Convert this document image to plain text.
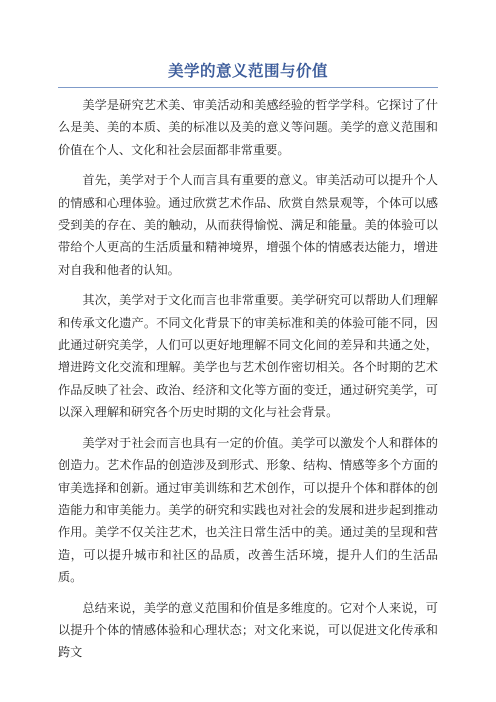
美学的意义范围与价值

美学是研究艺术美、审美活动和美感经验的哲学学科。它探讨了什么是美、美的本质、美的标准以及美的意义等问题。美学的意义范围和价值在个人、文化和社会层面都非常重要。

首先，美学对于个人而言具有重要的意义。审美活动可以提升个人的情感和心理体验。通过欣赏艺术作品、欣赏自然景观等，个体可以感受到美的存在、美的触动，从而获得愉悦、满足和能量。美的体验可以带给个人更高的生活质量和精神境界，增强个体的情感表达能力，增进对自我和他者的认知。

其次，美学对于文化而言也非常重要。美学研究可以帮助人们理解和传承文化遗产。不同文化背景下的审美标准和美的体验可能不同，因此通过研究美学，人们可以更好地理解不同文化间的差异和共通之处，增进跨文化交流和理解。美学也与艺术创作密切相关。各个时期的艺术作品反映了社会、政治、经济和文化等方面的变迁，通过研究美学，可以深入理解和研究各个历史时期的文化与社会背景。

美学对于社会而言也具有一定的价值。美学可以激发个人和群体的创造力。艺术作品的创造涉及到形式、形象、结构、情感等多个方面的审美选择和创新。通过审美训练和艺术创作，可以提升个体和群体的创造能力和审美能力。美学的研究和实践也对社会的发展和进步起到推动作用。美学不仅关注艺术，也关注日常生活中的美。通过美的呈现和营造，可以提升城市和社区的品质，改善生活环境，提升人们的生活品质。

总结来说，美学的意义范围和价值是多维度的。它对个人来说，可以提升个体的情感体验和心理状态；对文化来说，可以促进文化传承和跨文
